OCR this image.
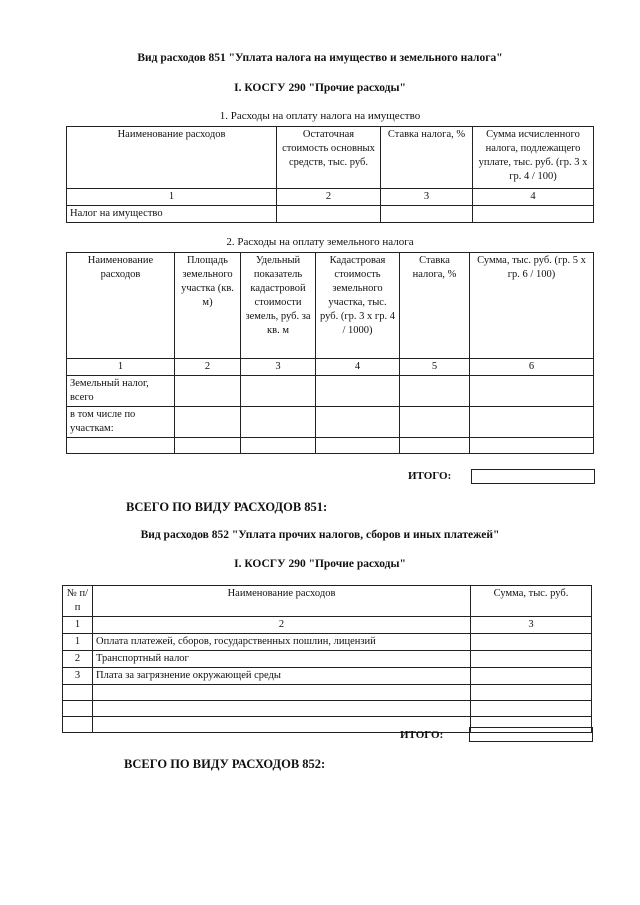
Вид расходов 851 "Уплата налога на имущество и земельного налога"
I. КОСГУ 290 "Прочие расходы"
1. Расходы на оплату налога на имущество
Наименование расходов	Остаточная стоимость основных средств, тыс. руб.	Ставка налога, %	Сумма исчисленного налога, подлежащего уплате, тыс. руб. (гр. 3 х гр. 4 / 100)
1	2	3	4
Налог на имущество			
2. Расходы на оплату земельного налога
Наименование расходов	Площадь земельного участка (кв. м)	Удельный показатель кадастровой стоимости земель, руб. за кв. м	Кадастровая стоимость земельного участка, тыс. руб. (гр. 3 х гр. 4 / 1000)	Ставка налога, %	Сумма, тыс. руб. (гр. 5 х гр. 6 / 100)
1	2	3	4	5	6
Земельный налог, всего					
в том числе по участкам:					

ИТОГО:
ВСЕГО ПО ВИДУ РАСХОДОВ 851:
Вид расходов 852 "Уплата прочих налогов, сборов и иных платежей"
I. КОСГУ 290 "Прочие расходы"
№ п/п	Наименование расходов	Сумма, тыс. руб.
1	2	3
1	Оплата платежей, сборов, государственных пошлин, лицензий	
2	Транспортный налог	
3	Плата за загрязнение окружающей среды	

ИТОГО:
ВСЕГО ПО ВИДУ РАСХОДОВ 852:
